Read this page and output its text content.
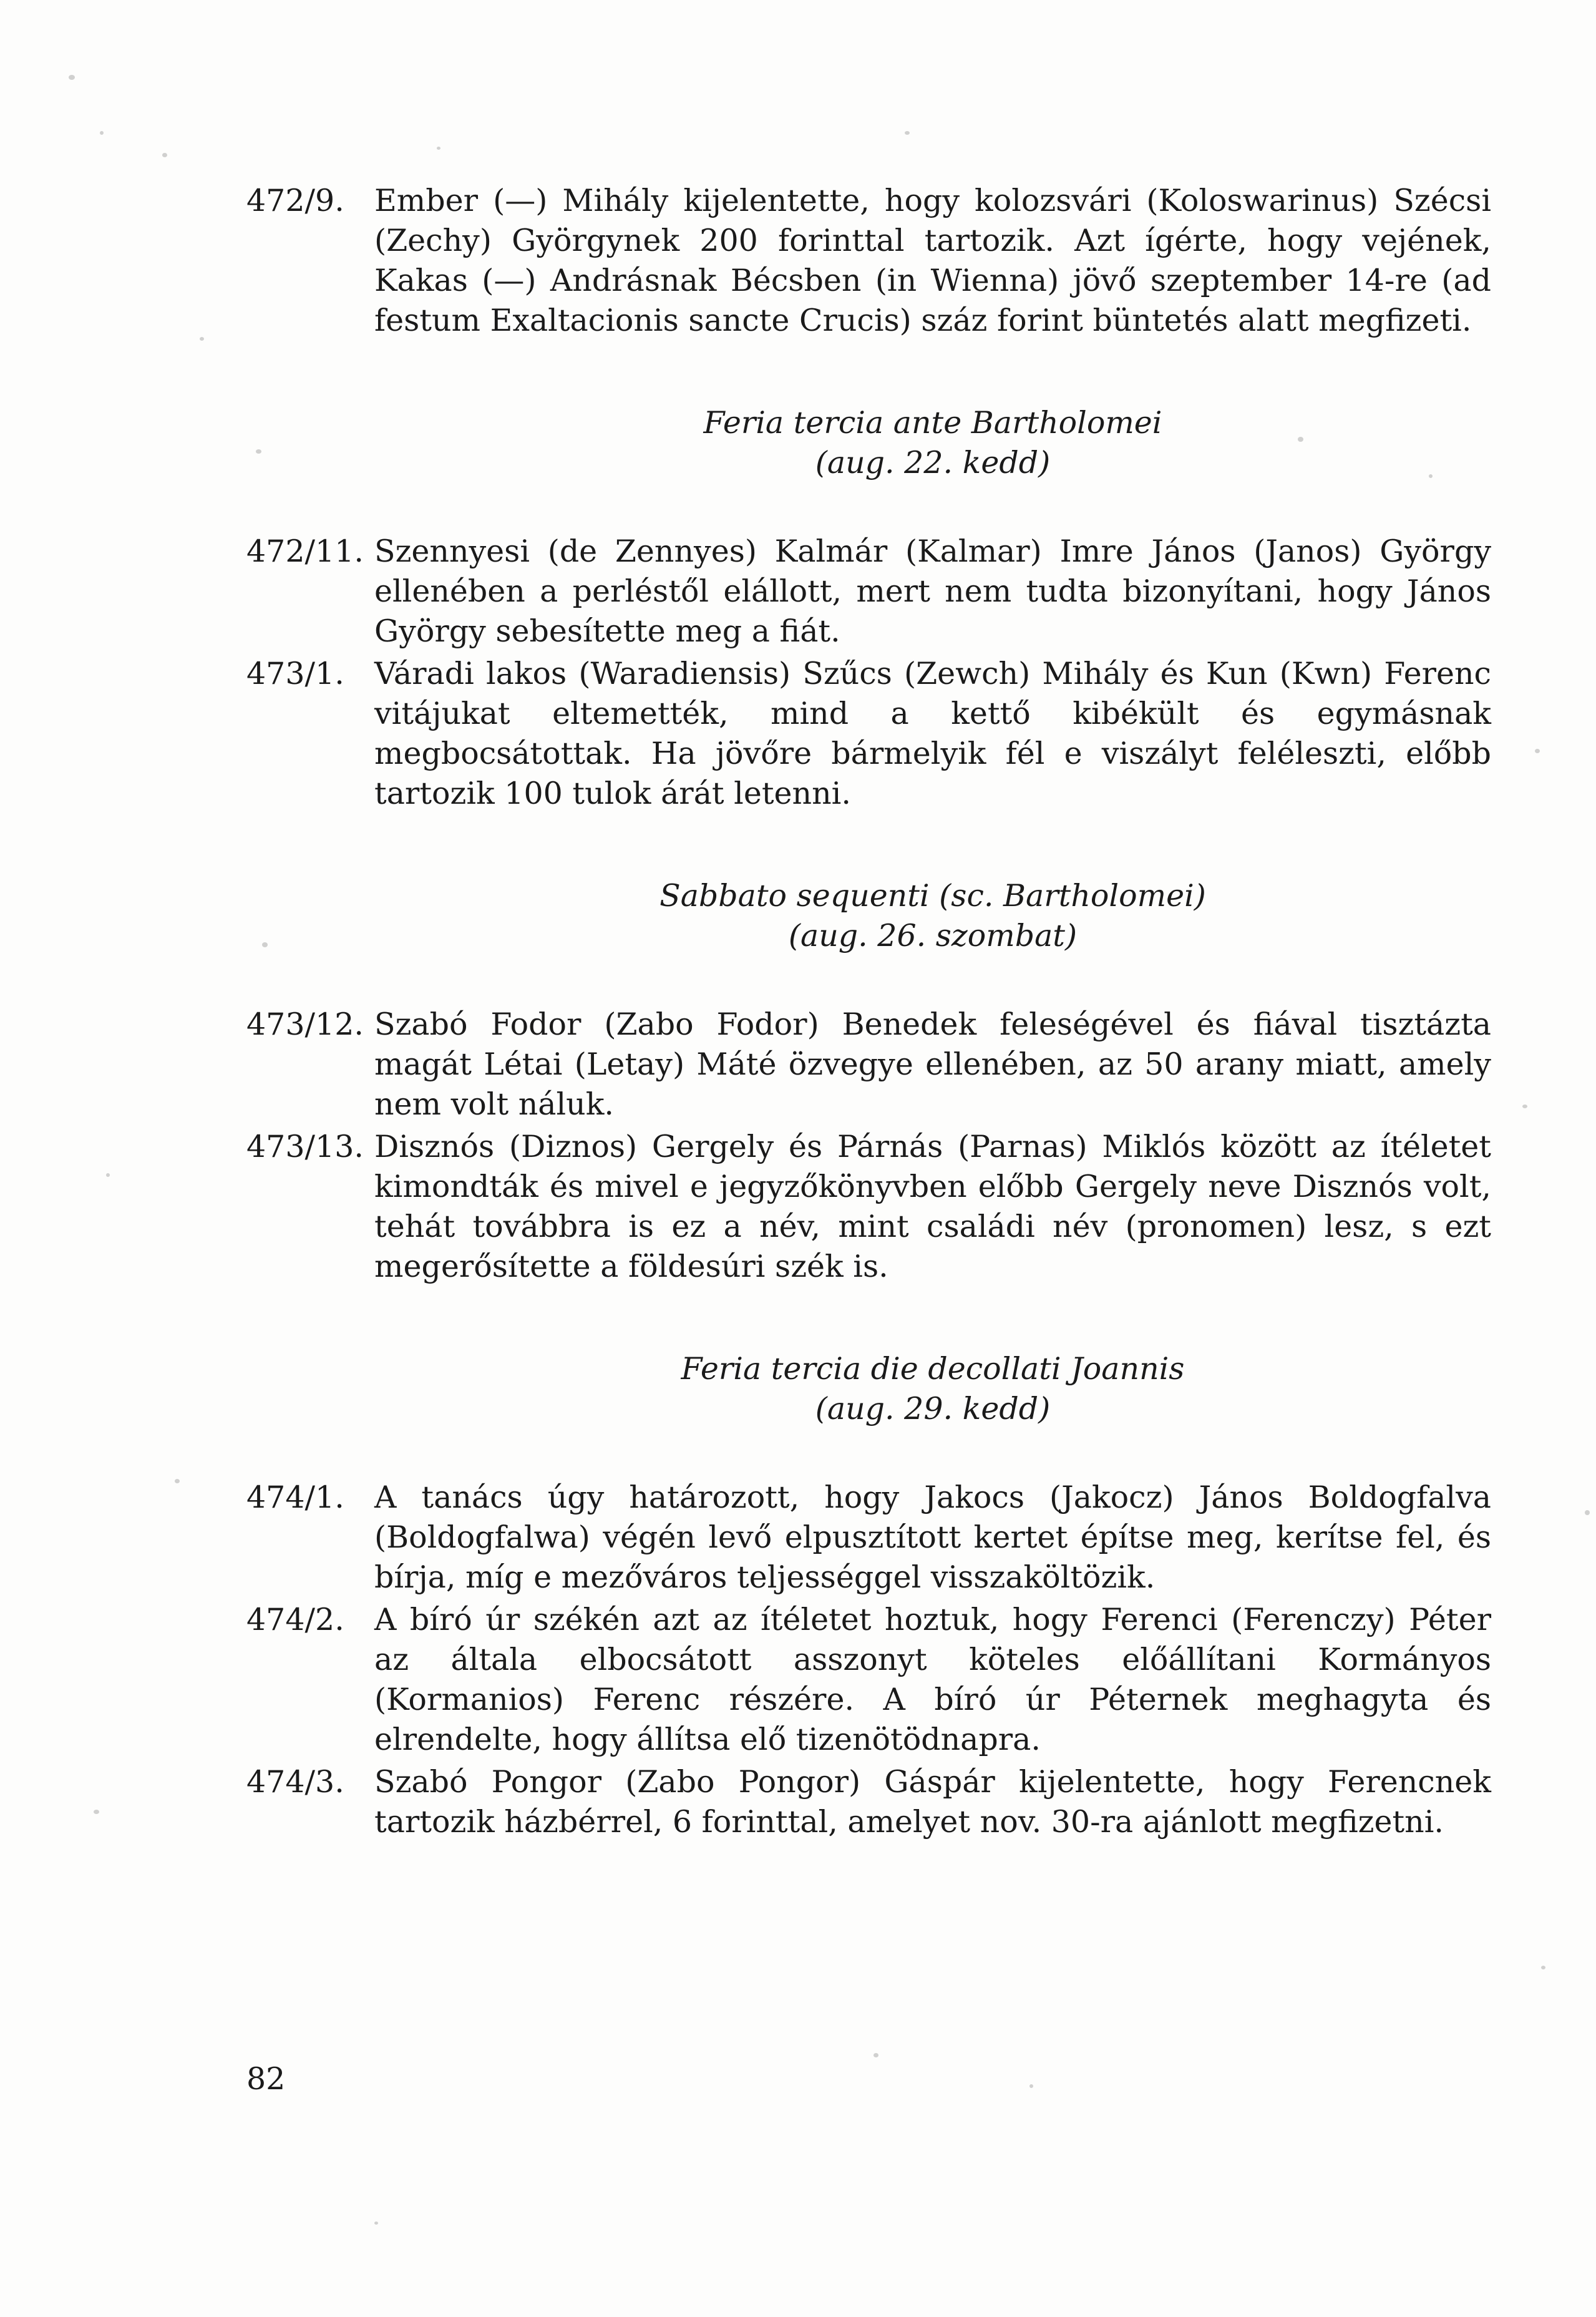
472/9. Ember (—) Mihály kijelentette, hogy kolozsvári (Koloswarinus) Szécsi (Zechy) Györgynek 200 forinttal tartozik. Azt ígérte, hogy vejének, Kakas (—) Andrásnak Bécsben (in Wienna) jövő szeptember 14-re (ad festum Exaltacionis sancte Crucis) száz forint büntetés alatt megfizeti.
Feria tercia ante Bartholomei
(aug. 22. kedd)
472/11. Szennyesi (de Zennyes) Kalmár (Kalmar) Imre János (Janos) György ellenében a perléstől elállott, mert nem tudta bizonyítani, hogy János György sebesítette meg a fiát.
473/1. Váradi lakos (Waradiensis) Szűcs (Zewch) Mihály és Kun (Kwn) Ferenc vitájukat eltemették, mind a kettő kibékült és egymásnak megbocsátottak. Ha jövőre bármelyik fél e viszályt feléleszti, előbb tartozik 100 tulok árát letenni.
Sabbato sequenti (sc. Bartholomei)
(aug. 26. szombat)
473/12. Szabó Fodor (Zabo Fodor) Benedek feleségével és fiával tisztázta magát Létai (Letay) Máté özvegye ellenében, az 50 arany miatt, amely nem volt náluk.
473/13. Disznós (Diznos) Gergely és Párnás (Parnas) Miklós között az ítéletet kimondták és mivel e jegyzőkönyvben előbb Gergely neve Disznós volt, tehát továbbra is ez a név, mint családi név (pronomen) lesz, s ezt megerősítette a földesúri szék is.
Feria tercia die decollati Joannis
(aug. 29. kedd)
474/1. A tanács úgy határozott, hogy Jakocs (Jakocz) János Boldogfalva (Boldogfalwa) végén levő elpusztított kertet építse meg, kerítse fel, és bírja, míg e mezőváros teljességgel visszaköltözik.
474/2. A bíró úr székén azt az ítéletet hoztuk, hogy Ferenci (Ferenczy) Péter az általa elbocsátott asszonyt köteles előállítani Kormányos (Kormanios) Ferenc részére. A bíró úr Péternek meghagyta és elrendelte, hogy állítsa elő tizenötödnapra.
474/3. Szabó Pongor (Zabo Pongor) Gáspár kijelentette, hogy Ferencnek tartozik házbérrel, 6 forinttal, amelyet nov. 30-ra ajánlott megfizetni.
82
